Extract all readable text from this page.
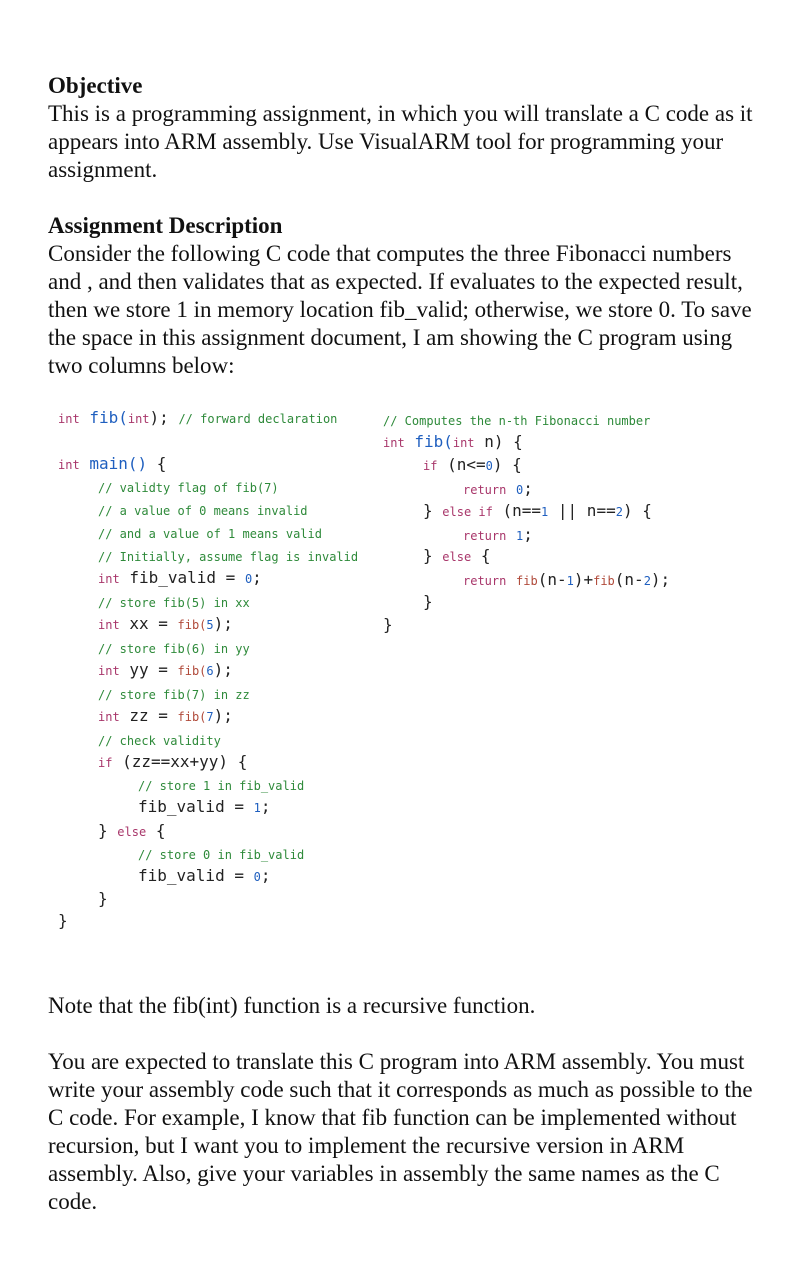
Objective
This is a programming assignment, in which you will translate a C code as it appears into ARM assembly. Use VisualARM tool for programming your assignment.
Assignment Description
Consider the following C code that computes the three Fibonacci numbers and , and then validates that as expected. If evaluates to the expected result, then we store 1 in memory location fib_valid; otherwise, we store 0. To save the space in this assignment document, I am showing the C program using two columns below:

int fib(int); // forward declaration

int main() {

// validty flag of fib(7)

// a value of 0 means invalid

// and a value of 1 means valid

// Initially, assume flag is invalid

int fib_valid = 0;

// store fib(5) in xx

int xx = fib(5);

// store fib(6) in yy

int yy = fib(6);

// store fib(7) in zz

int zz = fib(7);

// check validity

if (zz==xx+yy) {

// store 1 in fib_valid

fib_valid = 1;

} else {

// store 0 in fib_valid

fib_valid = 0;

}

}

// Computes the n-th Fibonacci number

int fib(int n) {

if (n<=0) {

return 0;

} else if (n==1 || n==2) {

return 1;

} else {

return fib(n-1)+fib(n-2);

}

}

Note that the fib(int) function is a recursive function.
You are expected to translate this C program into ARM assembly. You must write your assembly code such that it corresponds as much as possible to the C code. For example, I know that fib function can be implemented without recursion, but I want you to implement the recursive version in ARM assembly. Also, give your variables in assembly the same names as the C code.
